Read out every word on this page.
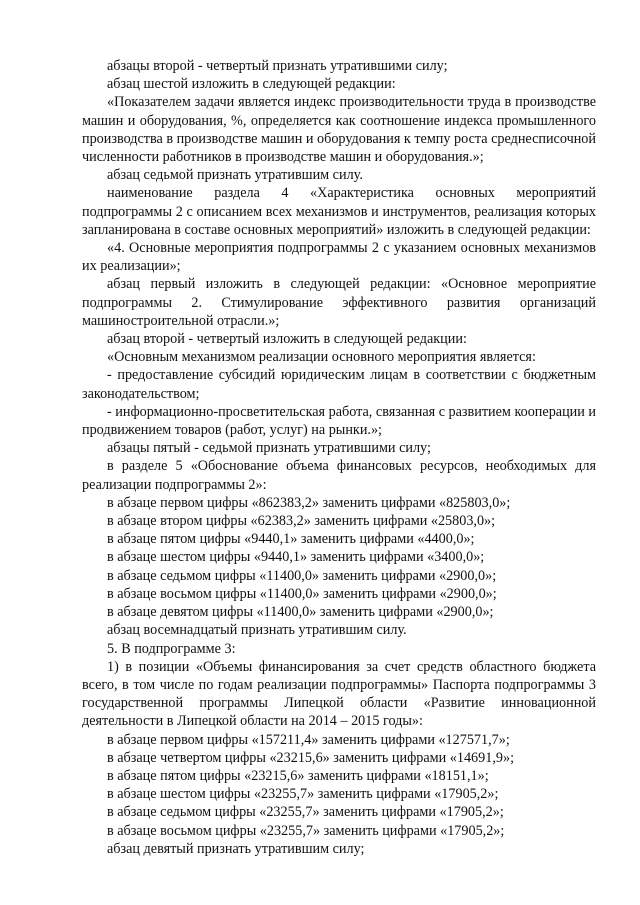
абзацы второй - четвертый признать утратившими силу;

абзац шестой изложить в следующей редакции:

«Показателем задачи является индекс производительности труда в производстве машин и оборудования, %, определяется как соотношение индекса промышленного производства в производстве машин и оборудования к темпу роста среднесписочной численности работников в производстве машин и оборудования.»;

абзац седьмой признать утратившим силу.

наименование раздела 4 «Характеристика основных мероприятий подпрограммы 2 с описанием всех механизмов и инструментов, реализация которых запланирована в составе основных мероприятий» изложить в следующей редакции:

«4. Основные мероприятия подпрограммы 2 с указанием основных механизмов их реализации»;

абзац первый изложить в следующей редакции: «Основное мероприятие подпрограммы 2. Стимулирование эффективного развития организаций машиностроительной отрасли.»;

абзац второй - четвертый изложить в следующей редакции:

«Основным механизмом реализации основного мероприятия является:

- предоставление субсидий юридическим лицам в соответствии с бюджетным законодательством;

- информационно-просветительская работа, связанная с развитием кооперации и продвижением товаров (работ, услуг) на рынки.»;

абзацы пятый - седьмой признать утратившими силу;

в разделе 5 «Обоснование объема финансовых ресурсов, необходимых для реализации подпрограммы 2»:

в абзаце первом цифры «862383,2» заменить цифрами «825803,0»;

в абзаце втором цифры «62383,2» заменить цифрами «25803,0»;

в абзаце пятом цифры «9440,1» заменить цифрами «4400,0»;

в абзаце шестом цифры «9440,1» заменить цифрами «3400,0»;

в абзаце седьмом цифры «11400,0» заменить цифрами «2900,0»;

в абзаце восьмом цифры «11400,0» заменить цифрами «2900,0»;

в абзаце девятом цифры «11400,0» заменить цифрами «2900,0»;

абзац восемнадцатый признать утратившим силу.

5. В подпрограмме 3:

1) в позиции «Объемы финансирования за счет средств областного бюджета всего, в том числе по годам реализации подпрограммы» Паспорта подпрограммы 3 государственной программы Липецкой области «Развитие инновационной деятельности в Липецкой области на 2014 – 2015 годы»:

в абзаце первом цифры «157211,4» заменить цифрами «127571,7»;

в абзаце четвертом цифры «23215,6» заменить цифрами «14691,9»;

в абзаце пятом цифры «23215,6» заменить цифрами «18151,1»;

в абзаце шестом цифры «23255,7» заменить цифрами «17905,2»;

в абзаце седьмом цифры «23255,7» заменить цифрами «17905,2»;

в абзаце восьмом цифры «23255,7» заменить цифрами «17905,2»;

абзац девятый признать утратившим силу;
